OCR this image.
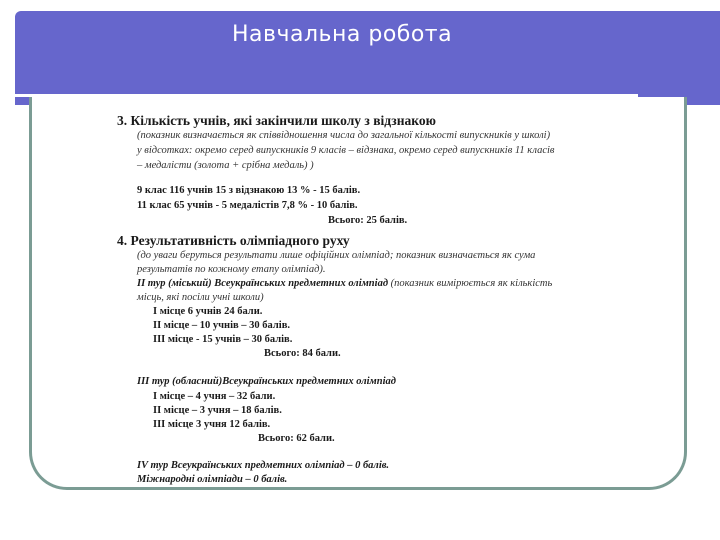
Навчальна робота
3. Кількість учнів, які закінчили школу з відзнакою
(показник визначається як співвідношення числа до загальної кількості випускників у школі)
у відсотках: окремо серед випускників 9 класів – відзнака, окремо серед випускників 11 класів
– медалісти (золота + срібна медаль) )
9 клас 116 учнів 15 з відзнакою 13 % - 15 балів.
11 клас 65 учнів - 5 медалістів 7,8 % - 10 балів.
Всього: 25 балів.
4. Результативність олімпіадного руху
(до уваги беруться результати лише офіційних олімпіад; показник визначається як сума
результатів по кожному етапу олімпіад).
ІІ тур (міський) Всеукраїнських предметних олімпіад (показник вимірюється як кількість
місць, які посіли учні школи)
І місце 6 учнів 24 бали.
ІІ місце – 10 учнів – 30 балів.
ІІІ місце - 15 учнів – 30 балів.
Всього: 84 бали.
ІІІ тур (обласний)Всеукраїнських предметних олімпіад
І місце – 4 учня – 32 бали.
ІІ місце – 3 учня – 18 балів.
ІІІ місце 3 учня 12 балів.
Всього: 62 бали.
IV тур Всеукраїнських предметних олімпіад – 0 балів.
Міжнародні олімпіади – 0 балів.
